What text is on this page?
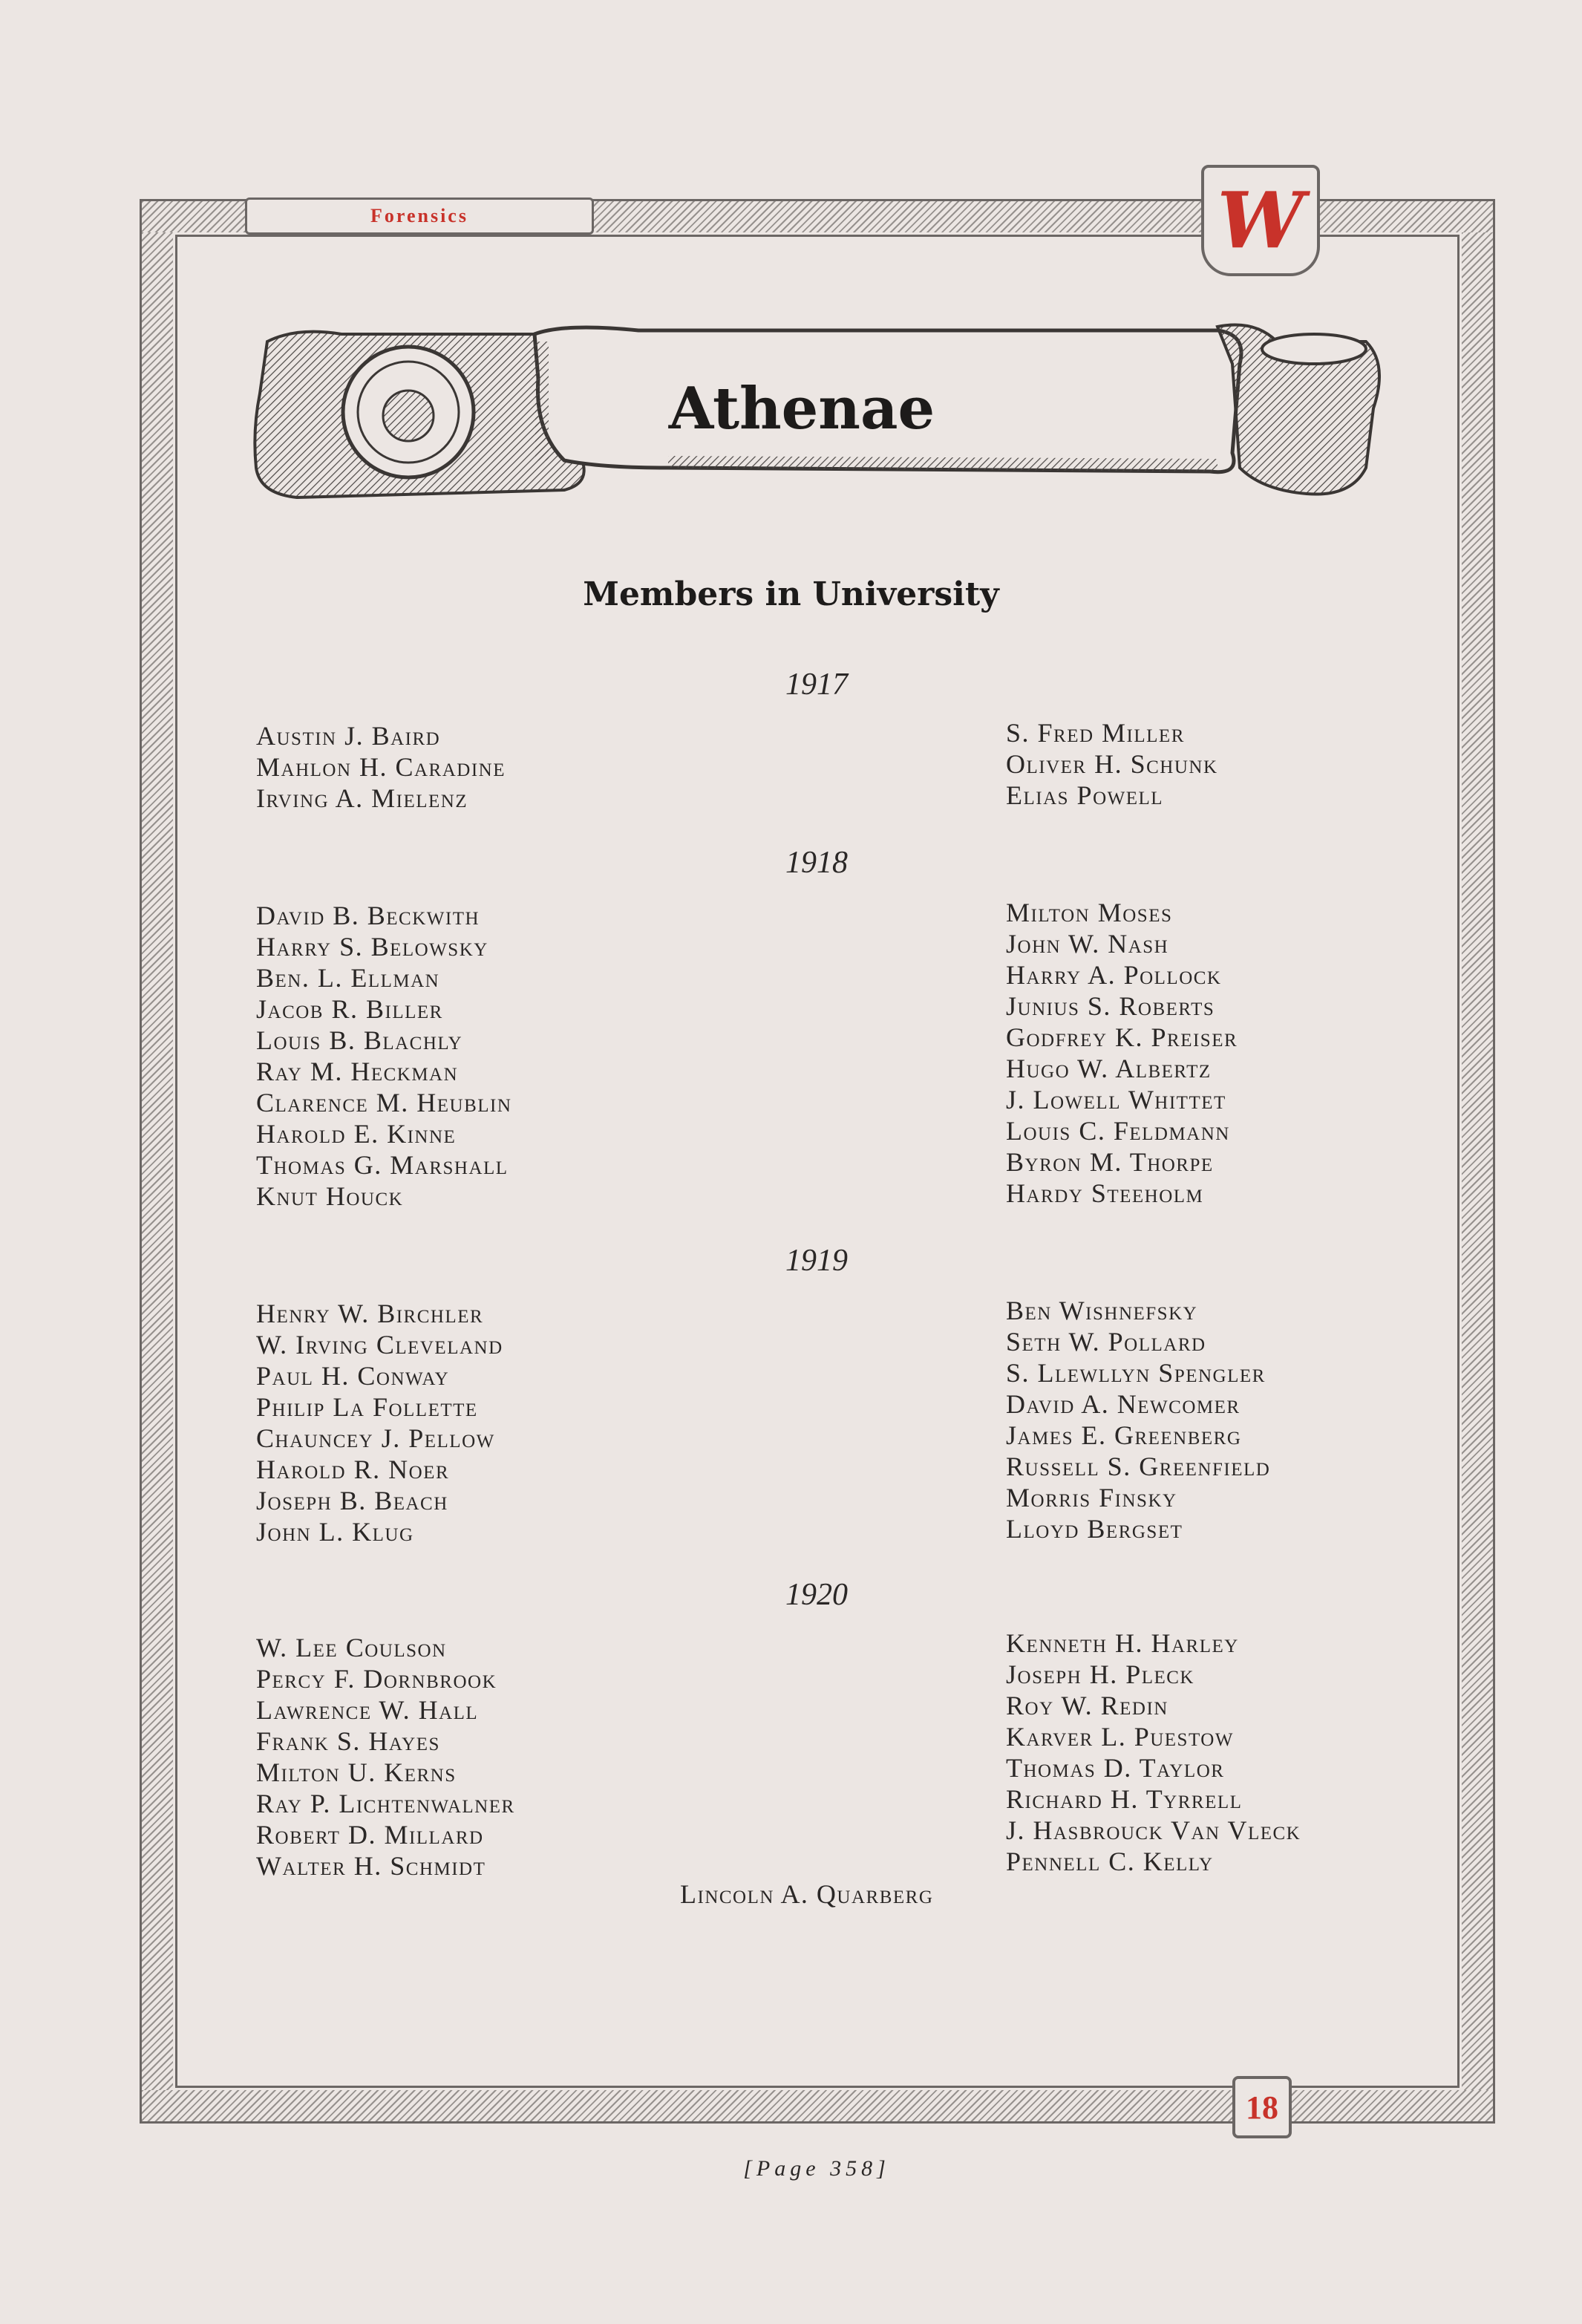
Forensics	W
Athenae
Members in University
1917
Austin J. Baird
Mahlon H. Caradine
Irving A. Mielenz
S. Fred Miller
Oliver H. Schunk
Elias Powell
1918
David B. Beckwith
Harry S. Belowsky
Ben. L. Ellman
Jacob R. Biller
Louis B. Blachly
Ray M. Heckman
Clarence M. Heublin
Harold E. Kinne
Thomas G. Marshall
Knut Houck
Milton Moses
John W. Nash
Harry A. Pollock
Junius S. Roberts
Godfrey K. Preiser
Hugo W. Albertz
J. Lowell Whittet
Louis C. Feldmann
Byron M. Thorpe
Hardy Steeholm
1919
Henry W. Birchler
W. Irving Cleveland
Paul H. Conway
Philip La Follette
Chauncey J. Pellow
Harold R. Noer
Joseph B. Beach
John L. Klug
Ben Wishnefsky
Seth W. Pollard
S. Llewllyn Spengler
David A. Newcomer
James E. Greenberg
Russell S. Greenfield
Morris Finsky
Lloyd Bergset
1920
W. Lee Coulson
Percy F. Dornbrook
Lawrence W. Hall
Frank S. Hayes
Milton U. Kerns
Ray P. Lichtenwalner
Robert D. Millard
Walter H. Schmidt
Kenneth H. Harley
Joseph H. Pleck
Roy W. Redin
Karver L. Puestow
Thomas D. Taylor
Richard H. Tyrrell
J. Hasbrouck Van Vleck
Pennell C. Kelly
Lincoln A. Quarberg
18
[Page 358]
